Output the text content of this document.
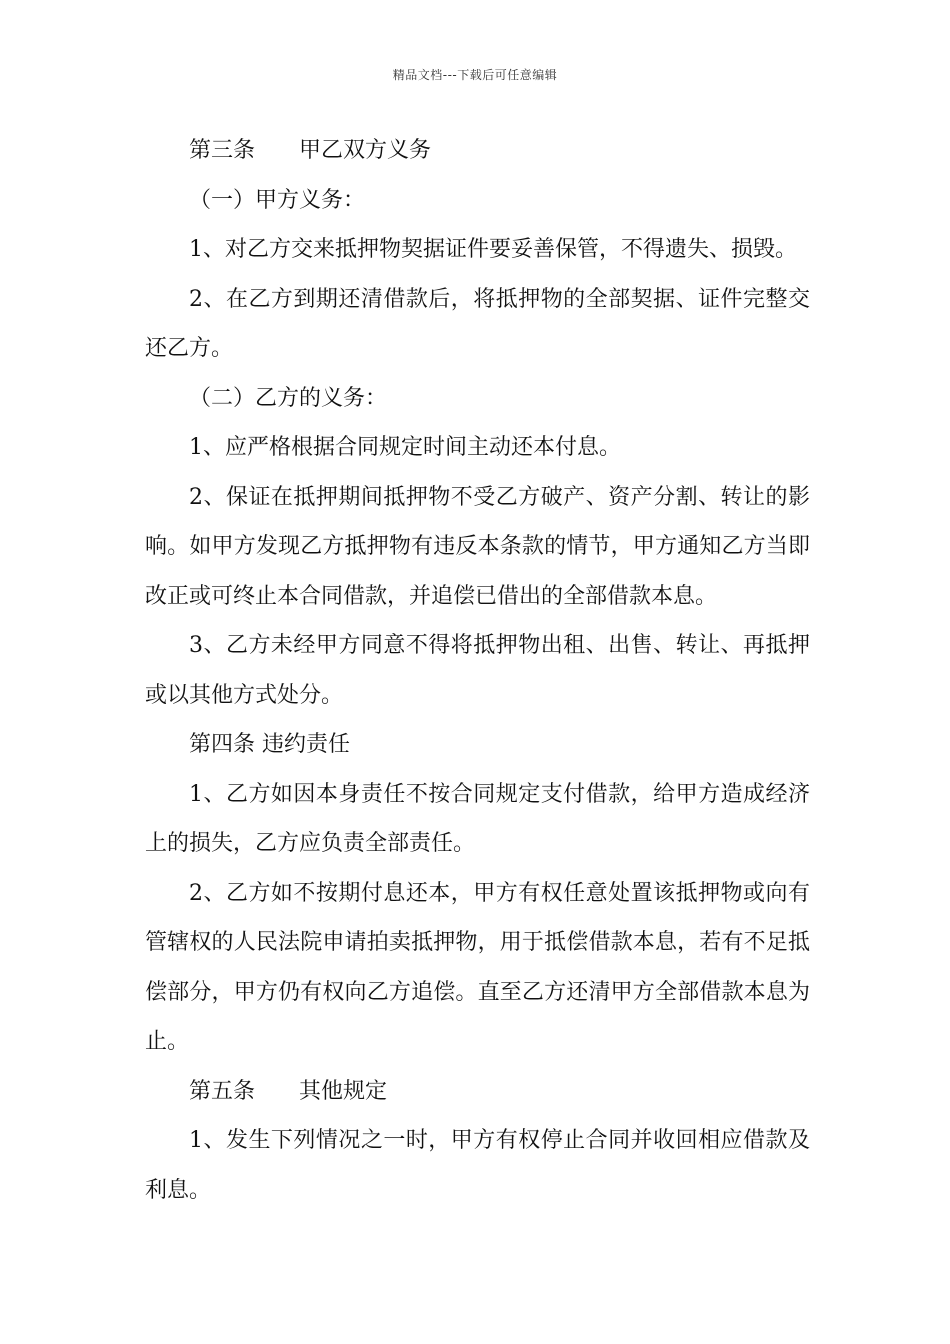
精品文档---下载后可任意编辑

第三条　　甲乙双方义务

（一）甲方义务：

1、对乙方交来抵押物契据证件要妥善保管，不得遗失、损毁。

2、在乙方到期还清借款后，将抵押物的全部契据、证件完整交还乙方。

（二）乙方的义务：

1、应严格根据合同规定时间主动还本付息。

2、保证在抵押期间抵押物不受乙方破产、资产分割、转让的影响。如甲方发现乙方抵押物有违反本条款的情节，甲方通知乙方当即改正或可终止本合同借款，并追偿已借出的全部借款本息。

3、乙方未经甲方同意不得将抵押物出租、出售、转让、再抵押或以其他方式处分。

第四条 违约责任

1、乙方如因本身责任不按合同规定支付借款，给甲方造成经济上的损失，乙方应负责全部责任。

2、乙方如不按期付息还本，甲方有权任意处置该抵押物或向有管辖权的人民法院申请拍卖抵押物，用于抵偿借款本息，若有不足抵偿部分，甲方仍有权向乙方追偿。直至乙方还清甲方全部借款本息为止。

第五条　　其他规定

1、发生下列情况之一时，甲方有权停止合同并收回相应借款及利息。
